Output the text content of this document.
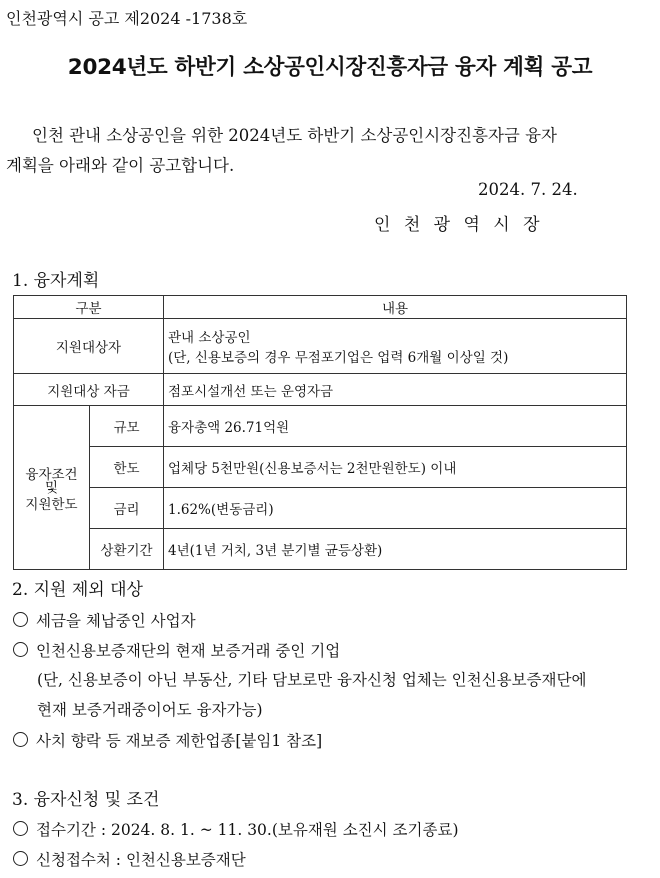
인천광역시 공고 제2024 -1738호
2024년도 하반기 소상공인시장진흥자금 융자 계획 공고
인천 관내 소상공인을 위한 2024년도 하반기 소상공인시장진흥자금 융자
계획을 아래와 같이 공고합니다.
2024. 7. 24.
인 천 광 역 시 장
1. 융자계획
구분		내용
지원대상자		관내 소상공인
(단, 신용보증의 경우 무점포기업은 업력 6개월 이상일 것)

지원대상 자금		점포시설개선 또는 운영자금

융자조건
및
지원한도	규모	융자총액 26.71억원
	한도	업체당 5천만원(신용보증서는 2천만원한도) 이내
	금리	1.62%(변동금리)
	상환기간	4년(1년 거치, 3년 분기별 균등상환)
2. 지원 제외 대상
세금을 체납중인 사업자
인천신용보증재단의 현재 보증거래 중인 기업
(단, 신용보증이 아닌 부동산, 기타 담보로만 융자신청 업체는 인천신용보증재단에
현재 보증거래중이어도 융자가능)
사치 향락 등 재보증 제한업종[붙임1 참조]
3. 융자신청 및 조건
접수기간 : 2024. 8. 1. ~ 11. 30.(보유재원 소진시 조기종료)
신청접수처 : 인천신용보증재단
